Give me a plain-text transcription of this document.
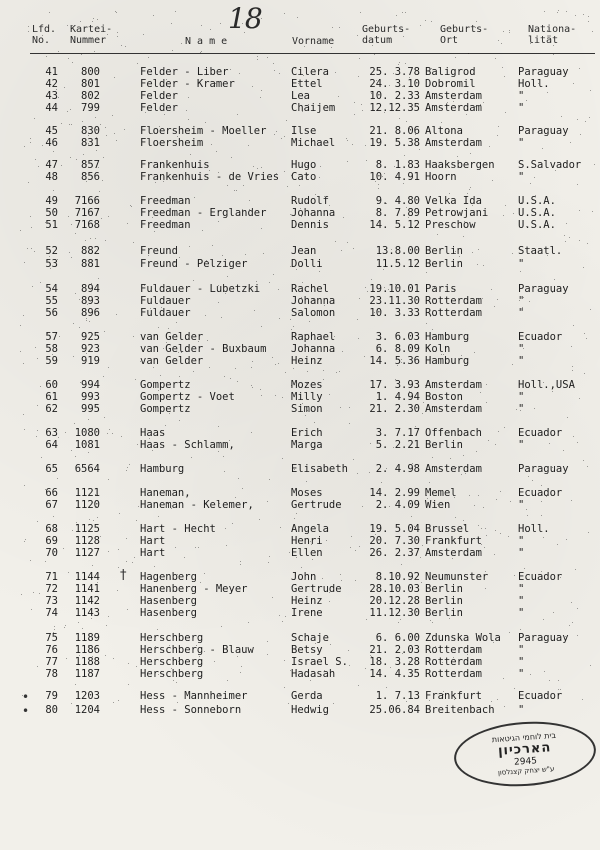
18
Lfd.
No.
Kartei-
Nummer	N a m e	Vorname
Geburts-
datum
Geburts-
Ort
Nationa-
lität
41	800	Felder - Liber	Cilera	25. 3.78 Baligrod	Paraguay
42	801	Felder - Kramer	Ettel	24. 3.10 Dobromil	Holl.
43	802	Felder	Lea	10. 2.33 Amsterdam	"
44	799	Felder	Chaijem	12.12.35 Amsterdam	"
45	830	Floersheim - Moeller	Ilse	21. 8.06 Altona	Paraguay
46	831	Floersheim	Michael	19. 5.38 Amsterdam	"
47	857	Frankenhuis	Hugo	8. 1.83 Haaksbergen	S.Salvador
48	856	Frankenhuis - de Vries	Cato	10. 4.91 Hoorn	"
49	7166	Freedman	Rudolf	9. 4.80 Velka Ida	U.S.A.
50	7167	Freedman - Erglander	Johanna	8. 7.89 Petrowjani	U.S.A.
51	7168	Freedman	Dennis	14. 5.12 Preschow	U.S.A.
52	882	Freund	Jean	13.8.00 Berlin	Staatl.
53	881	Freund - Pelziger	Dolli	11.5.12 Berlin	"
54	894	Fuldauer - Lubetzki	Rachel	19.10.01 Paris	Paraguay
55	893	Fuldauer	Johanna	23.11.30 Rotterdam	"
56	896	Fuldauer	Salomon	10. 3.33 Rotterdam	"
57	925	van Gelder	Raphael	3. 6.03 Hamburg	Ecuador
58	923	van Gelder - Buxbaum	Johanna	6. 8.09 Koln	"
59	919	van Gelder	Heinz	14. 5.36 Hamburg	"
60	994	Gompertz	Mozes	17. 3.93 Amsterdam	Holl.,USA
61	993	Gompertz - Voet	Milly	1. 4.94 Boston	"
62	995	Gompertz	Simon	21. 2.30 Amsterdam	"
63	1080	Haas	Erich	3. 7.17 Offenbach	Ecuador
64	1081	Haas - Schlamm,	Marga	5. 2.21 Berlin	"
65	6564	Hamburg	Elisabeth	2. 4.98 Amsterdam	Paraguay
66	1121	Haneman,	Moses	14. 2.99 Memel	Ecuador
67	1120	Haneman - Kelemer,	Gertrude	2. 4.09 Wien	"
68	1125	Hart - Hecht	Angela	19. 5.04 Brussel	Holl.
69	1128	Hart	Henri	20. 7.30 Frankfurt	"
70	1127	Hart	Ellen	26. 2.37 Amsterdam	"
71	1144	Hagenberg	John	8.10.92 Neumunster	Ecuador
72	1141	Hanenberg - Meyer	Gertrude	28.10.03 Berlin	"
73	1142	Hasenberg	Heinz	20.12.28 Berlin	"
74	1143	Hasenberg	Irene	11.12.30 Berlin	"
75	1189	Herschberg	Schaje	6. 6.00 Zdunska Wola	Paraguay
76	1186	Herschberg - Blauw	Betsy	21. 2.03 Rotterdam	"
77	1188	Herschberg	Israel S.	18. 3.28 Rotterdam	"
78	1187	Herschberg	Hadasah	14. 4.35 Rotterdam	"
79	1203	Hess - Mannheimer	Gerda	1. 7.13 Frankfurt	Ecuador
80	1204	Hess - Sonneborn	Hedwig	25.06.84 Breitenbach	"
†
•
•
בית לוחמי הגיטאות
הארכיון
2945
ע"ש יצחק קצנלסון
